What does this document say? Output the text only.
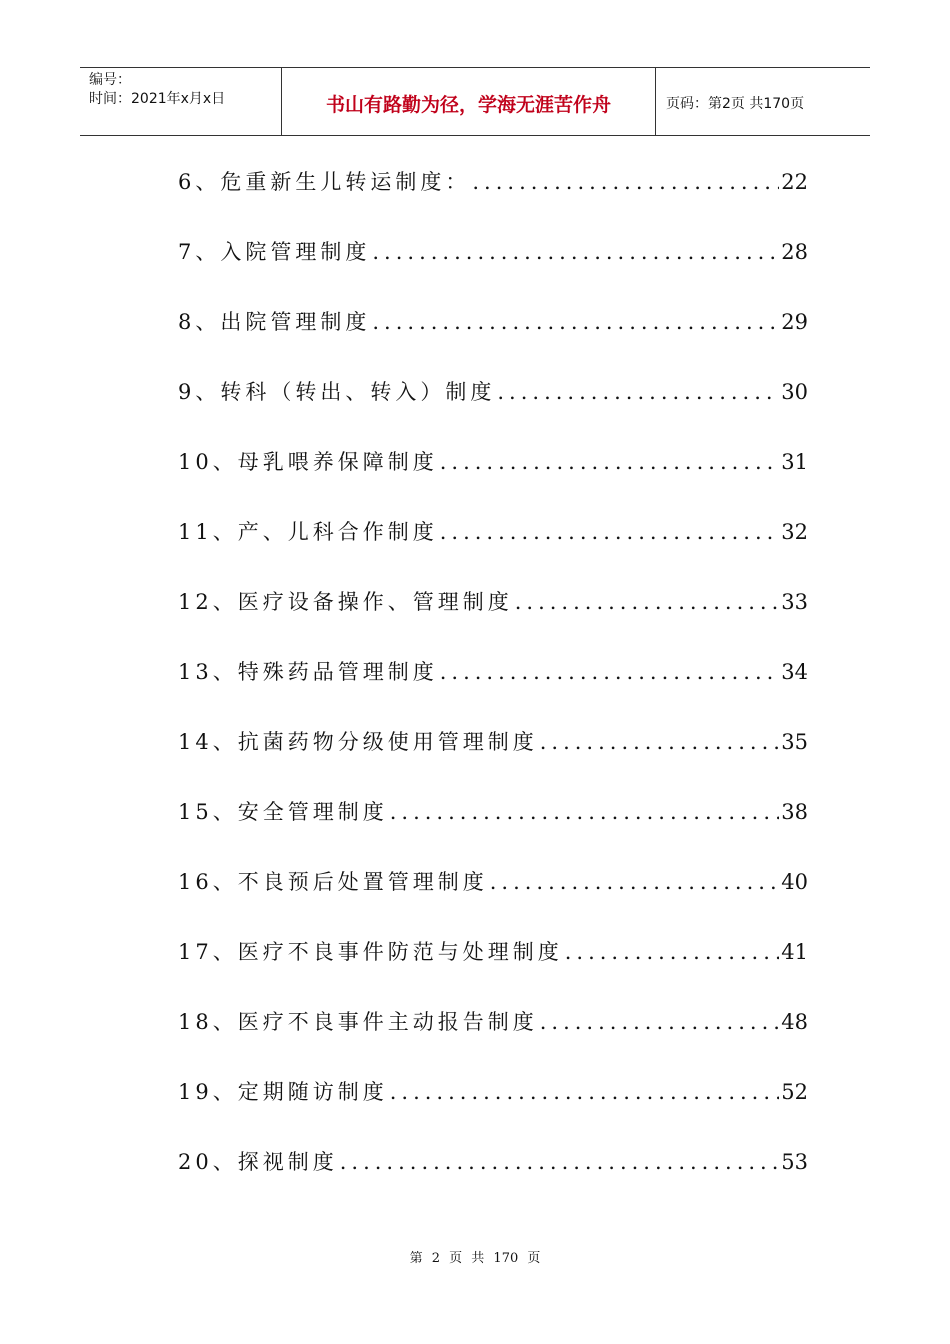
编号：
时间：2021年x月x日	书山有路勤为径，学海无涯苦作舟	页码：第2页 共170页
6、危重新生儿转运制度： .....	22
7、入院管理制度 .....	28
8、出院管理制度 .....	29
9、转科（转出、转入）制度 .....	30
10、母乳喂养保障制度 .....	31
11、产、儿科合作制度 .....	32
12、医疗设备操作、管理制度 .....	33
13、特殊药品管理制度 .....	34
14、抗菌药物分级使用管理制度 .....	35
15、安全管理制度 .....	38
16、不良预后处置管理制度 .....	40
17、医疗不良事件防范与处理制度 .....	41
18、医疗不良事件主动报告制度 .....	48
19、定期随访制度 .....	52
20、探视制度 .....	53
第 2 页 共 170 页
